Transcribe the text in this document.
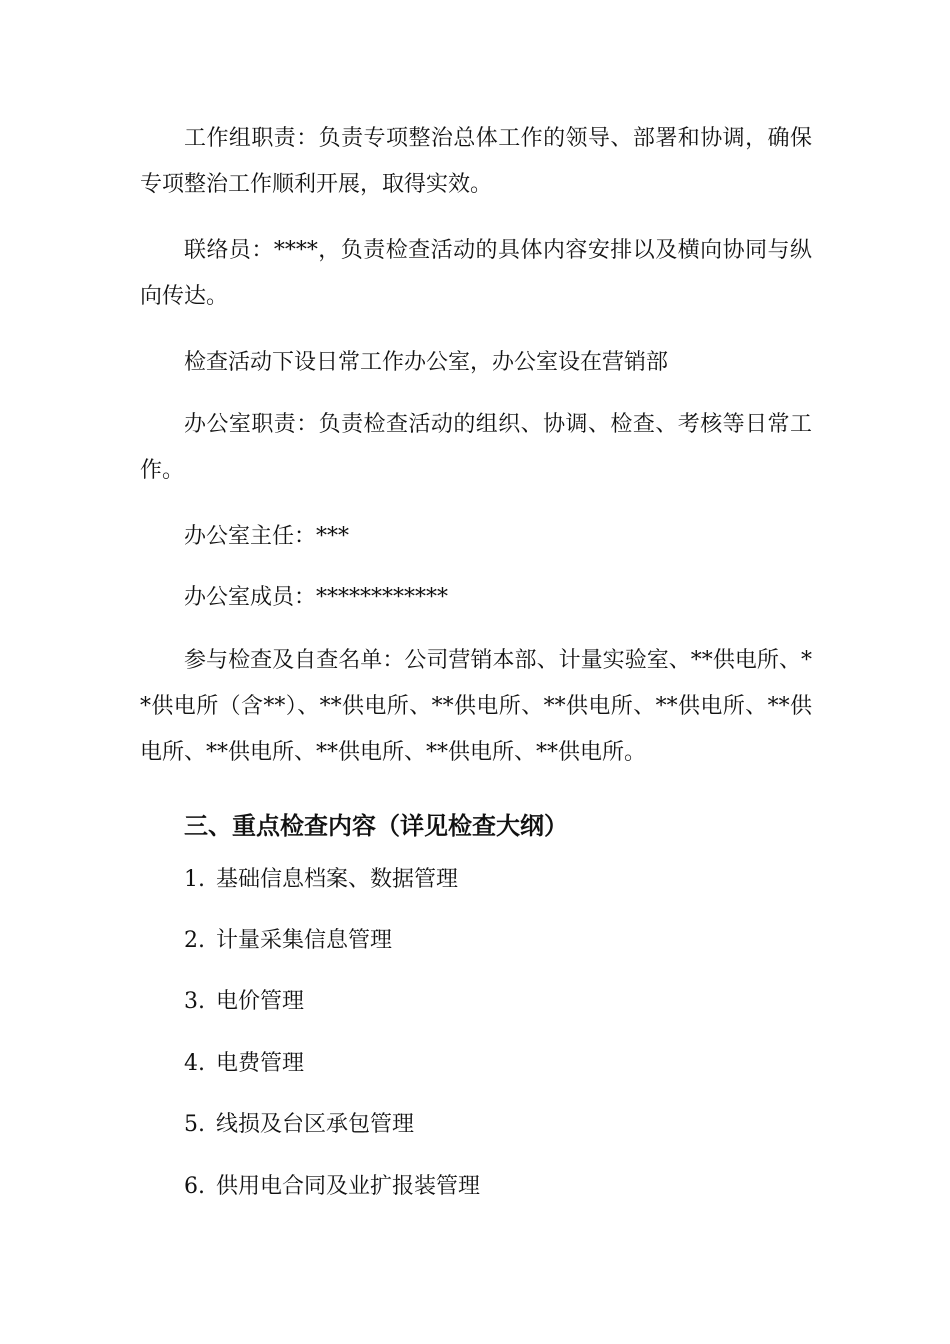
工作组职责：负责专项整治总体工作的领导、部署和协调，确保专项整治工作顺利开展，取得实效。

联络员：****，负责检查活动的具体内容安排以及横向协同与纵向传达。

检查活动下设日常工作办公室，办公室设在营销部

办公室职责：负责检查活动的组织、协调、检查、考核等日常工作。

办公室主任：***

办公室成员：************

参与检查及自查名单：公司营销本部、计量实验室、**供电所、**供电所（含**）、**供电所、**供电所、**供电所、**供电所、**供电所、**供电所、**供电所、**供电所、**供电所。

三、重点检查内容（详见检查大纲）

1. 基础信息档案、数据管理

2. 计量采集信息管理

3. 电价管理

4. 电费管理

5. 线损及台区承包管理

6. 供用电合同及业扩报装管理
